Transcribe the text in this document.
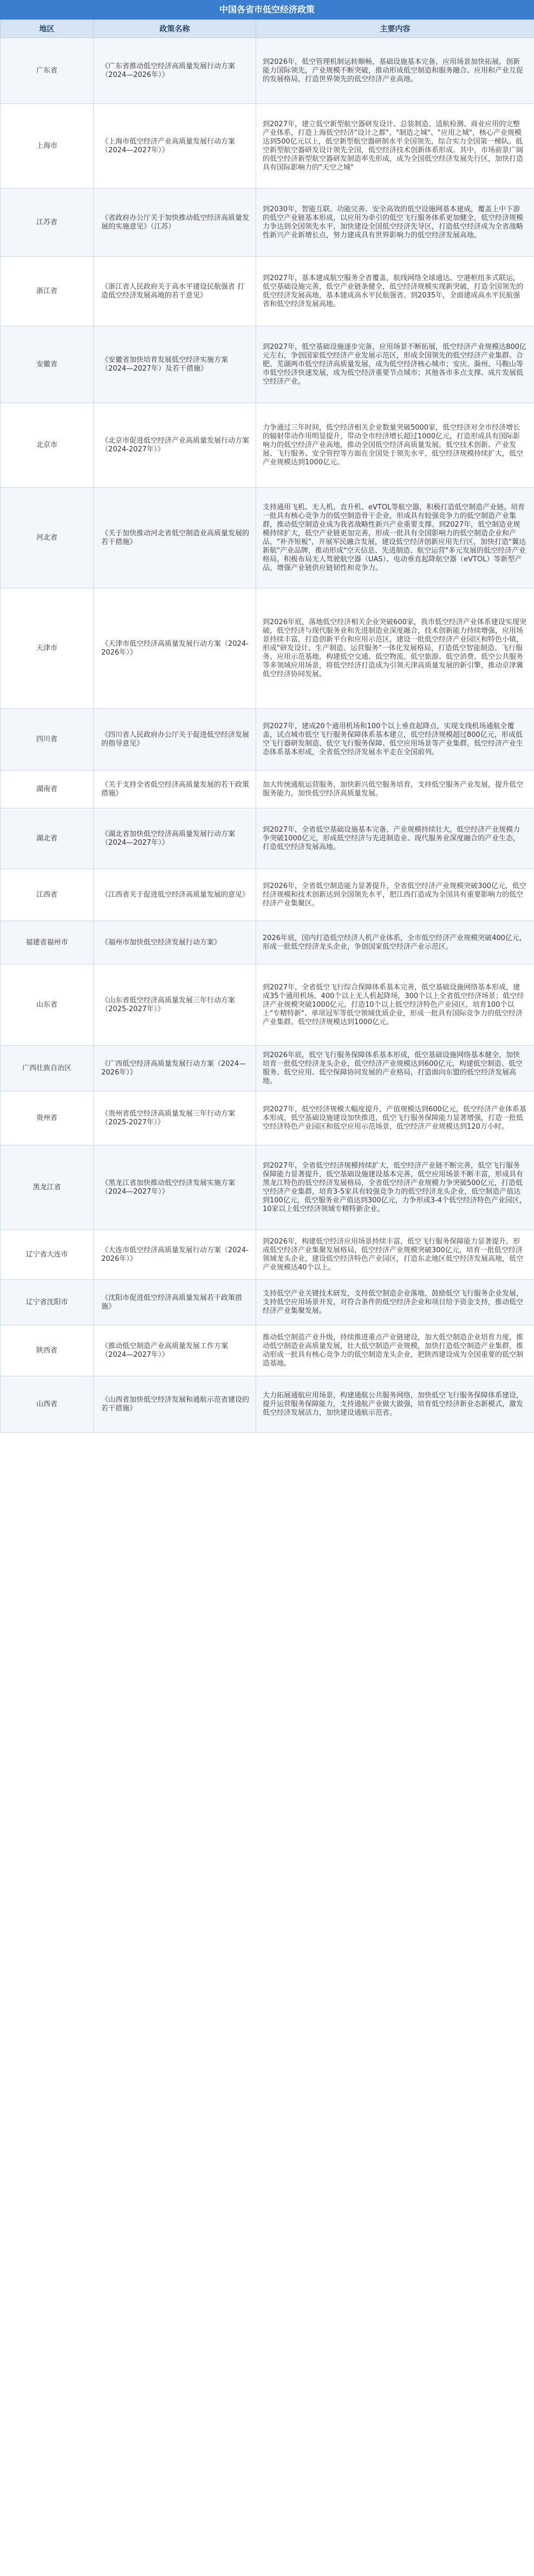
中国各省市低空经济政策
地区	政策名称	主要内容
广东省	《广东省推动低空经济高质量发展行动方案（2024—2026年）》	到2026年，低空管理机制运转顺畅，基础设施基本完备，应用场景加快拓展，创新能力国际领先，产业规模不断突破，推动形成低空制造和服务融合、应用和产业互促的发展格局，打造世界领先的低空经济产业高地。
上海市	《上海市低空经济产业高质量发展行动方案（2024—2027年）》	到2027年，建立低空新型航空器研发设计、总装制造、适航检测、商业应用的完整产业体系，打造上海低空经济"设计之都"、"制造之城"、"应用之城"，核心产业规模达到500亿元以上，低空新型航空器研制水平全国领先，综合实力全国第一梯队。低空新型航空器研发设计领先全国，低空经济技术创新体系形成。其中，市场前景广阔的低空经济新型航空器研发制造率先形成，成为全国低空经济发展先行区，加快打造具有国际影响力的"天空之城"
江苏省	《省政府办公厅关于加快推动低空经济高质量发展的实施意见》（江苏）	到2030年，智能互联、功能完善、安全高效的低空设施网基本建成，覆盖上中下游的低空产业链基本形成，以应用为牵引的低空飞行服务体系更加健全，低空经济规模力争达到全国领先水平，加快建设全国低空经济先导区，打造低空经济成为全省战略性新兴产业新增长点，努力建成具有世界影响力的低空经济发展高地。
浙江省	《浙江省人民政府关于高水平建设民航强省 打造低空经济发展高地的若干意见》	到2027年，基本建成航空服务全省覆盖，航线网络全球通达、空港枢纽多式联运，低空基础设施完善，低空产业链条健全，低空经济规模实现新突破，打造全国领先的低空经济发展高地，基本建成高水平民航强省。到2035年，全面建成高水平民航强省和低空经济发展高地。
安徽省	《安徽省加快培育发展低空经济实施方案（2024—2027年）及若干措施》	到2027年，低空基础设施逐步完备，应用场景不断拓展，低空经济产业规模达800亿元左右，争创国家低空经济产业发展示范区，形成全国领先的低空经济产业集群。合肥、芜湖两市低空经济高质量发展，成为低空经济核心城市；安庆、滁州、马鞍山等市低空经济快速发展，成为低空经济重要节点城市；其他各市多点支撑、成片发展低空经济产业。
北京市	《北京市促进低空经济产业高质量发展行动方案（2024-2027年）》	力争通过三年时间，低空经济相关企业数量突破5000家，低空经济对全市经济增长的辐射带动作用明显提升，带动全市经济增长超过1000亿元，打造形成具有国际影响力的低空经济产业高地，推动全国低空经济高质量发展。低空技术创新、产业发展、飞行服务、安全管控等方面在全国处于领先水平，低空经济规模持续扩大，低空产业规模达到1000亿元。
河北省	《关于加快推动河北省低空制造业高质量发展的若干措施》	支持通用飞机、无人机、直升机、eVTOL等航空器，积极打造低空制造产业链。培育一批具有核心竞争力的低空制造骨干企业，形成具有较强竞争力的低空制造产业集群，推动低空制造业成为我省战略性新兴产业重要支撑。到2027年，低空制造业规模持续扩大，低空产业链更加完善，形成一批具有全国影响力的低空制造企业和产品，"补齐短板"，开展军民融合发展，建设低空经济创新应用先行区，加快打造"翼达新航"产业品牌，推动形成"空天信息、先进制造、航空运营"多元发展的低空经济产业格局，积极布局无人驾驶航空器（UAS）、电动垂直起降航空器（eVTOL）等新型产品，增强产业链供应链韧性和竞争力。
天津市	《天津市低空经济高质量发展行动方案（2024-2026年）》	到2026年底，落地低空经济相关企业突破600家，我市低空经济产业体系建设实现突破，低空经济与现代服务业和先进制造业深度融合，技术创新能力持续增强，应用场景持续丰富，打造创新平台和应用示范区，建设一批低空经济产业园区和特色小镇，形成"研发设计、生产制造、运营服务"一体化发展格局，打造低空智能制造、飞行服务、应用示范基地，构建低空交通、低空物流、低空旅游、低空消费、低空公共服务等多领域应用场景，将低空经济打造成为引领天津高质量发展的新引擎，推动京津冀低空经济协同发展。
四川省	《四川省人民政府办公厅关于促进低空经济发展的指导意见》	到2027年，建成20个通用机场和100个以上垂直起降点，实现支线机场通航全覆盖，试点城市低空飞行服务保障体系基本建立，低空经济规模超过800亿元，形成低空飞行器研发制造、低空飞行服务保障、低空应用场景等产业集群，低空经济产业生态体系基本形成，全省低空经济发展水平走在全国前列。
湖南省	《关于支持全省低空经济高质量发展的若干政策措施》	加大传统通航运营服务，加快新兴低空服务培育，支持低空服务产业发展，提升低空服务能力，加快低空经济高质量发展。
湖北省	《湖北省加快低空经济高质量发展行动方案（2024—2027年）》	到2027年，全省低空基础设施基本完备，产业规模持续壮大，低空经济产业规模力争突破1000亿元，形成低空经济与先进制造业、现代服务业深度融合的产业生态，打造低空经济发展高地。
江西省	《江西省关于促进低空经济高质量发展的意见》	到2026年，全省低空制造能力显著提升，全省低空经济产业规模突破300亿元，低空经济规模和技术创新达到全国领先水平，把江西打造成为全国具有重要影响力的低空经济产业集聚区。
福建省福州市	《福州市加快低空经济发展行动方案》	2026年底，国内打造低空经济人机产业体系，全市低空经济产业规模突破400亿元，形成一批低空经济龙头企业，争创国家低空经济产业示范区。
山东省	《山东省低空经济高质量发展三年行动方案（2025-2027年）》	到2027年，全省低空飞行综合保障体系基本完善，低空基础设施网络基本形成，建成35个通用机场、400个以上无人机起降场，300个以上全省低空经济场景；低空经济产业规模突破1000亿元，打造10个以上低空经济特色产业园区，培育100个以上"专精特新"、单项冠军等低空领域优质企业，形成一批具有国际竞争力的低空经济产业集群。低空经济规模达到1000亿元。
广西壮族自治区	《广西低空经济高质量发展行动方案（2024—2026年）》	到2026年底，低空飞行服务保障体系基本形成，低空基础设施网络基本健全，加快培育一批低空经济龙头企业，低空经济产业规模达到600亿元，构建低空制造、低空服务、低空应用、低空保障协同发展的产业格局，打造面向东盟的低空经济发展高地。
贵州省	《贵州省低空经济高质量发展三年行动方案（2025-2027年）》	到2027年，低空经济规模大幅度提升，产值规模达到600亿元，低空经济产业体系基本形成，低空基础设施建设加快推进，低空飞行服务保障能力显著增强，打造一批低空经济特色产业园区和低空应用示范场景，低空经济产业规模达到120万小时。
黑龙江省	《黑龙江省加快推动低空经济发展实施方案（2024—2027年）》	到2027年，全省低空经济规模持续扩大，低空经济产业链不断完善，低空飞行服务保障能力显著提升，低空基础设施建设基本完善，低空应用场景不断丰富，形成具有黑龙江特色的低空经济发展格局，全省低空经济产业规模力争突破500亿元，打造低空经济产业集群，培育3-5家具有较强竞争力的低空经济龙头企业，低空制造产值达到100亿元，低空服务业产值达到300亿元，力争形成3-4个低空经济特色产业园区，10家以上低空经济领域专精特新企业。
辽宁省大连市	《大连市低空经济高质量发展行动方案（2024-2026年）》	到2026年，构建低空经济应用场景持续丰富，低空飞行服务保障能力显著提升，形成低空经济产业集聚发展格局，低空经济产业规模突破300亿元，培育一批低空经济领域龙头企业，建设低空经济特色产业园区，打造东北地区低空经济发展高地，低空产业规模达40个以上。
辽宁省沈阳市	《沈阳市促进低空经济高质量发展若干政策措施》	支持低空产业关键技术研发，支持低空制造企业落地，鼓励低空飞行服务企业发展，支持低空应用场景开发，对符合条件的低空经济企业和项目给予资金支持，推动低空经济产业集聚发展。
陕西省	《推动低空制造产业高质量发展工作方案（2024—2027年）》	推动低空制造产业升级，持续推进重点产业链建设，加大低空制造企业培育力度，推动低空制造业高质量发展，壮大低空制造产业规模，加快打造低空制造产业集群，推动形成一批具有核心竞争力的低空制造龙头企业，把陕西建设成为全国重要的低空制造基地。
山西省	《山西省加快低空经济发展和通航示范省建设的若干措施》	大力拓展通航应用场景，构建通航公共服务网络，加快低空飞行服务保障体系建设，提升运营服务保障能力，支持通航产业做大做强，培育低空经济新业态新模式，激发低空经济发展活力，加快建设通航示范省。
